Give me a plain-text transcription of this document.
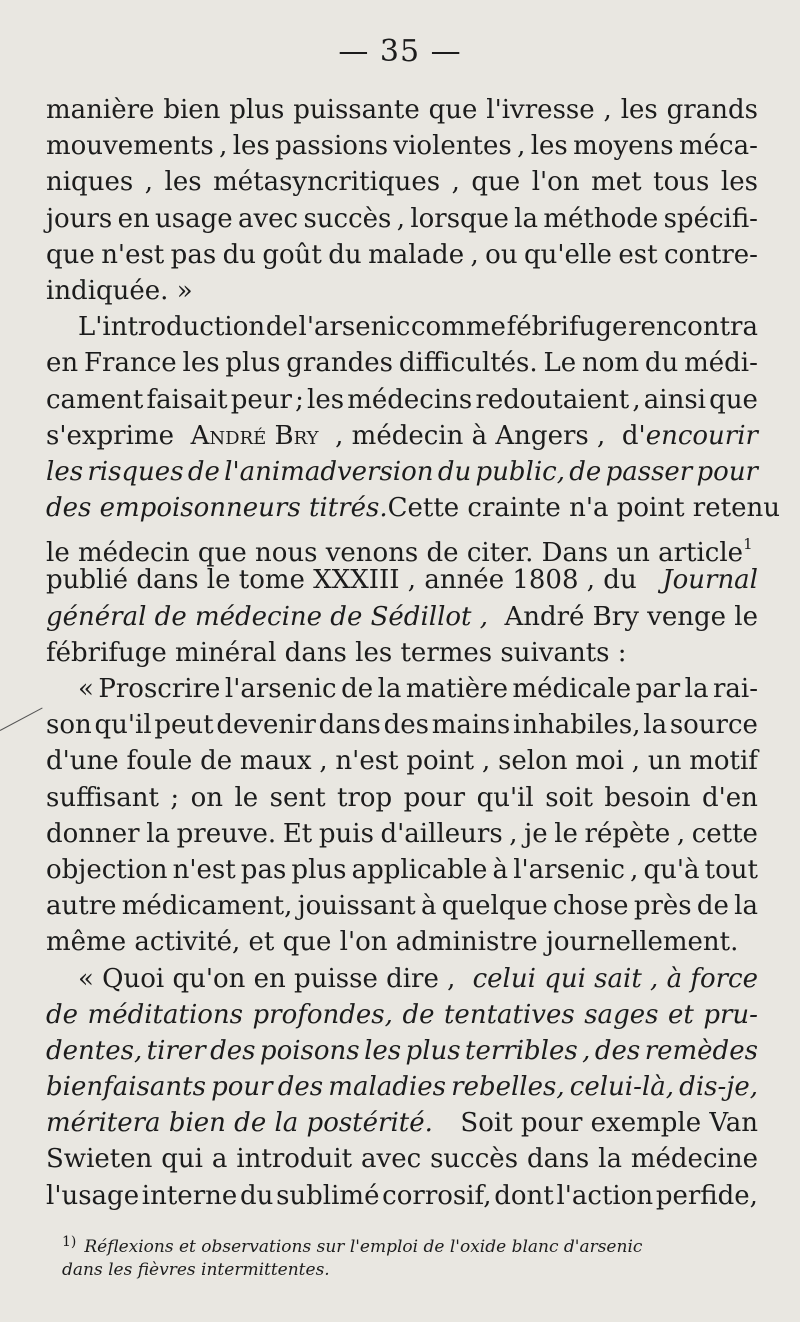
— 35 —
manière bien plus puissante que l'ivresse , les grands
mouvements , les passions violentes , les moyens méca-
niques , les métasyncritiques , que l'on met tous les
jours en usage avec succès , lorsque la méthode spécifi-
que n'est pas du goût du malade , ou qu'elle est contre-
indiquée. »
L'introduction de l'arsenic comme fébrifuge rencontra
en France les plus grandes difficultés. Le nom du médi-
cament faisait peur ; les médecins redoutaient , ainsi que
s'exprime André Bry , médecin à Angers , d'encourir
les risques de l'animadversion du public, de passer pour
des empoisonneurs titrés. Cette crainte n'a point retenu
le médecin que nous venons de citer. Dans un article$^1$
publié dans le tome XXXIII , année 1808 , du Journal
général de médecine de Sédillot , André Bry venge le
fébrifuge minéral dans les termes suivants :
« Proscrire l'arsenic de la matière médicale par la rai-
son qu'il peut devenir dans des mains inhabiles, la source
d'une foule de maux , n'est point , selon moi , un motif
suffisant ; on le sent trop pour qu'il soit besoin d'en
donner la preuve. Et puis d'ailleurs , je le répète , cette
objection n'est pas plus applicable à l'arsenic , qu'à tout
autre médicament, jouissant à quelque chose près de la
même activité, et que l'on administre journellement.
« Quoi qu'on en puisse dire , celui qui sait , à force
de méditations profondes, de tentatives sages et pru-
dentes, tirer des poisons les plus terribles , des remèdes
bienfaisants pour des maladies rebelles, celui-là, dis-je,
méritera bien de la postérité. Soit pour exemple Van
Swieten qui a introduit avec succès dans la médecine
l'usage interne du sublimé corrosif, dont l'action perfide,
$^{1)}$ Réflexions et observations sur l'emploi de l'oxide blanc d'arsenic
dans les fièvres intermittentes.
